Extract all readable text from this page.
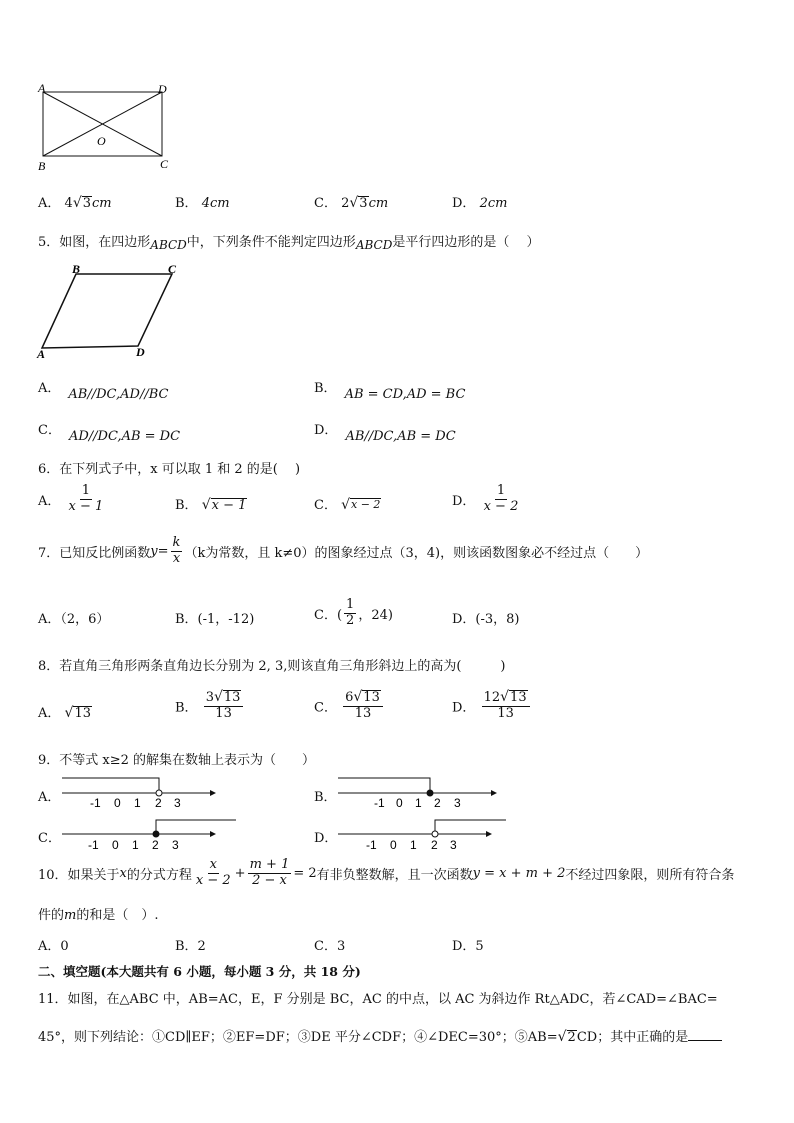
A	D
B	C
O
A． 4 √ 3 cm	B． 4cm	C． 2 √ 3 cm	D． 2cm
5．如图，在四边形ABCD中，下列条件不能判定四边形ABCD是平行四边形的是（　 ）
B	C
A	D
A． AB//DC,AD//BC	B． AB = CD,AD = BC
C． AD//DC,AB = DC	D． AB//DC,AB = DC
6．在下列式子中，x 可以取 1 和 2 的是(　 )
A． $\frac{1}{x - 1}$	B． √ x − 1	C． √ x − 2	D． $\frac{1}{x - 2}$
7．已知反比例函数$y= \frac{k}{x} (k$为常数，且 k≠0）的图象经过点（3，4)，则该函数图象必不经过点（　　）
A．（2，6）	B．(-1，-12)	C．( $\frac{1}{2}$ ，24)	D．(-3，8)
8．若直角三角形两条直角边长分别为 2, 3,则该直角三角形斜边上的高为(　　　)
A． √ 13	B． $\frac{3 √ 13}{13}$	C． $\frac{6 √ 13}{13}$	D． $\frac{12 √ 13}{13}$
9．不等式 x≥2 的解集在数轴上表示为（　　）
A． -1 0 1 2 3	B．	-1 0 1 2 3
C． -1 0 1 2 3	D． -1 0 1 2 3
10．如果关于x的分式方程 $\frac{x}{x - 2} + \frac{m + 1}{2 - x} = 2$有非负整数解，且一次函数y = x + m + 2不经过四象限，则所有符合条
件的m的和是（　）.
A．0	B．2	C．3	D．5
二、填空题(本大题共有 6 小题，每小题 3 分，共 18 分)
11．如图，在△ABC 中，AB=AC，E，F 分别是 BC，AC 的中点，以 AC 为斜边作 Rt△ADC，若∠CAD=∠BAC=
45°，则下列结论：①CD∥EF；②EF=DF；③DE 平分∠CDF；④∠DEC=30°；⑤AB= √ 2 CD；其中正确的是
